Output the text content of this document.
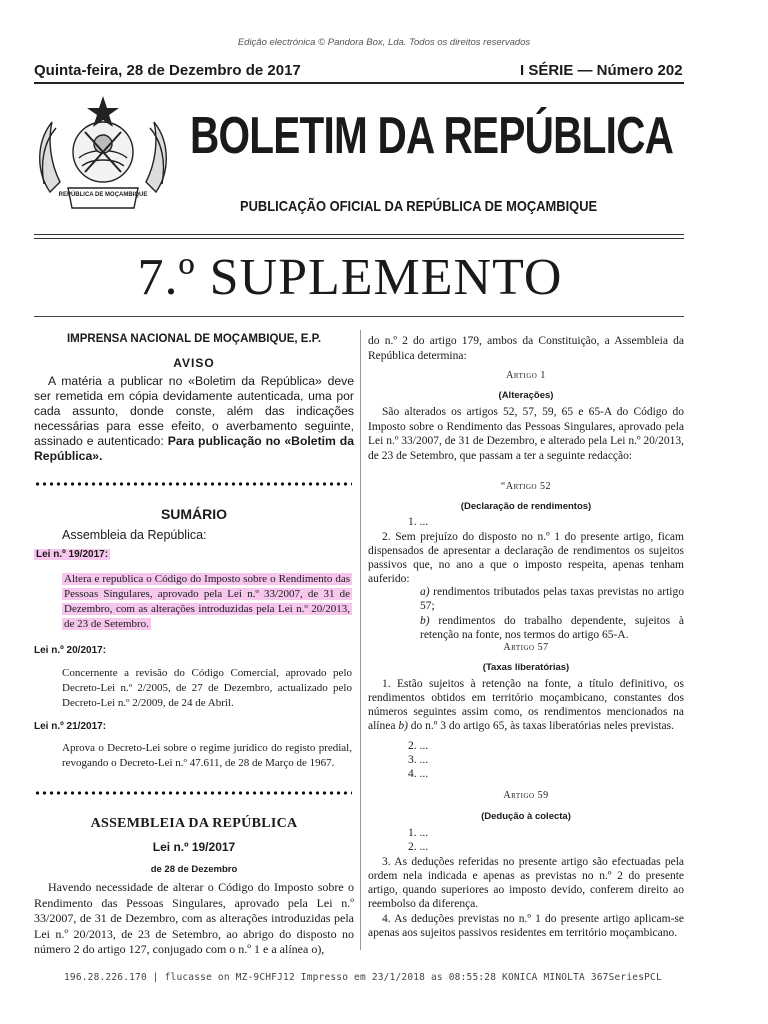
Edição electrónica © Pandora Box, Lda. Todos os direitos reservados
Quinta-feira, 28 de Dezembro de 2017	I SÉRIE — Número 202
REPÚBLICA DE MOÇAMBIQUE
BOLETIM DA REPÚBLICA
PUBLICAÇÃO OFICIAL DA REPÚBLICA DE MOÇAMBIQUE
7.º SUPLEMENTO
IMPRENSA NACIONAL DE MOÇAMBIQUE, E.P.
AVISO
A matéria a publicar no «Boletim da República» deve ser remetida em cópia devidamente autenticada, uma por cada assunto, donde conste, além das indicações necessárias para esse efeito, o averbamento seguinte, assinado e autenticado: Para publicação no «Boletim da República».
SUMÁRIO
Assembleia da República:
Lei n.º 19/2017:
Altera e republica o Código do Imposto sobre o Rendimento das Pessoas Singulares, aprovado pela Lei n.º 33/2007, de 31 de Dezembro, com as alterações introduzidas pela Lei n.º 20/2013, de 23 de Setembro.
Lei n.º 20/2017:
Concernente a revisão do Código Comercial, aprovado pelo Decreto-Lei n.º 2/2005, de 27 de Dezembro, actualizado pelo Decreto-Lei n.º 2/2009, de 24 de Abril.
Lei n.º 21/2017:
Aprova o Decreto-Lei sobre o regime jurídico do registo predial, revogando o Decreto-Lei n.º 47.611, de 28 de Março de 1967.
ASSEMBLEIA DA REPÚBLICA
Lei n.º 19/2017
de 28 de Dezembro
Havendo necessidade de alterar o Código do Imposto sobre o Rendimento das Pessoas Singulares, aprovado pela Lei n.º 33/2007, de 31 de Dezembro, com as alterações introduzidas pela Lei n.º 20/2013, de 23 de Setembro, ao abrigo do disposto no número 2 do artigo 127, conjugado com o n.º 1 e a alínea o),
do n.º 2 do artigo 179, ambos da Constituição, a Assembleia da República determina:
Artigo 1
(Alterações)
São alterados os artigos 52, 57, 59, 65 e 65-A do Código do Imposto sobre o Rendimento das Pessoas Singulares, aprovado pela Lei n.º 33/2007, de 31 de Dezembro, e alterado pela Lei n.º 20/2013, de 23 de Setembro, que passam a ter a seguinte redacção:
“Artigo 52
(Declaração de rendimentos)
1. ...
2. Sem prejuízo do disposto no n.º 1 do presente artigo, ficam dispensados de apresentar a declaração de rendimentos os sujeitos passivos que, no ano a que o imposto respeita, apenas tenham auferido:
a) rendimentos tributados pelas taxas previstas no artigo 57;
b) rendimentos do trabalho dependente, sujeitos à retenção na fonte, nos termos do artigo 65-A.
Artigo 57
(Taxas liberatórias)
1. Estão sujeitos à retenção na fonte, a título definitivo, os rendimentos obtidos em território moçambicano, constantes dos números seguintes assim como, os rendimentos mencionados na alínea b) do n.º 3 do artigo 65, às taxas liberatórias neles previstas.
2. ...
3. ...
4. ...
Artigo 59
(Dedução à colecta)
1. ...
2. ...
3. As deduções referidas no presente artigo são efectuadas pela ordem nela indicada e apenas as previstas no n.º 2 do presente artigo, quando superiores ao imposto devido, conferem direito ao reembolso da diferença.
4. As deduções previstas no n.º 1 do presente artigo aplicam-se apenas aos sujeitos passivos residentes em território moçambicano.
196.28.226.170 | flucasse on MZ-9CHFJ12 Impresso em 23/1/2018 as 08:55:28 KONICA MINOLTA 367SeriesPCL
